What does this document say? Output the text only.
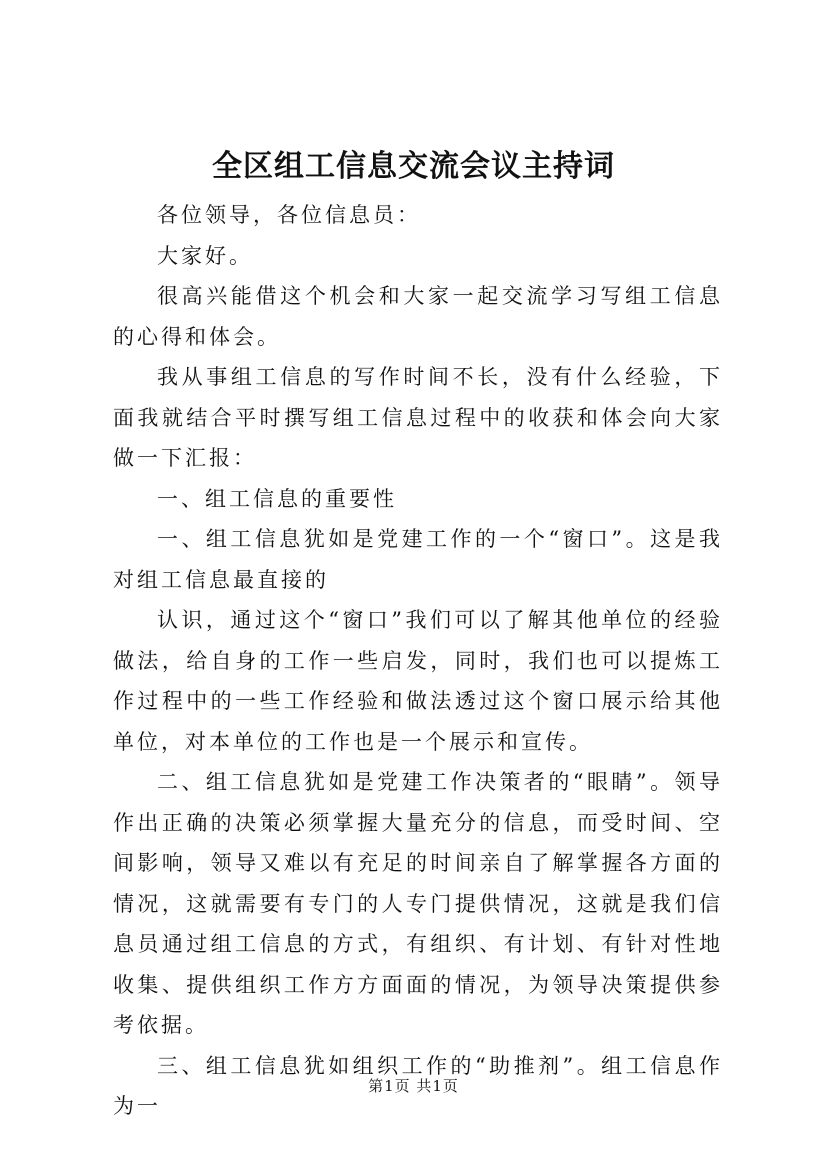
全区组工信息交流会议主持词

各位领导，各位信息员：

大家好。

很高兴能借这个机会和大家一起交流学习写组工信息的心得和体会。

我从事组工信息的写作时间不长，没有什么经验，下面我就结合平时撰写组工信息过程中的收获和体会向大家做一下汇报：

一、组工信息的重要性

一、组工信息犹如是党建工作的一个“窗口”。这是我对组工信息最直接的

认识，通过这个“窗口”我们可以了解其他单位的经验做法，给自身的工作一些启发，同时，我们也可以提炼工作过程中的一些工作经验和做法透过这个窗口展示给其他单位，对本单位的工作也是一个展示和宣传。

二、组工信息犹如是党建工作决策者的“眼睛”。领导作出正确的决策必须掌握大量充分的信息，而受时间、空间影响，领导又难以有充足的时间亲自了解掌握各方面的情况，这就需要有专门的人专门提供情况，这就是我们信息员通过组工信息的方式，有组织、有计划、有针对性地收集、提供组织工作方方面面的情况，为领导决策提供参考依据。

三、组工信息犹如组织工作的“助推剂”。组工信息作为一

第1页 共1页
